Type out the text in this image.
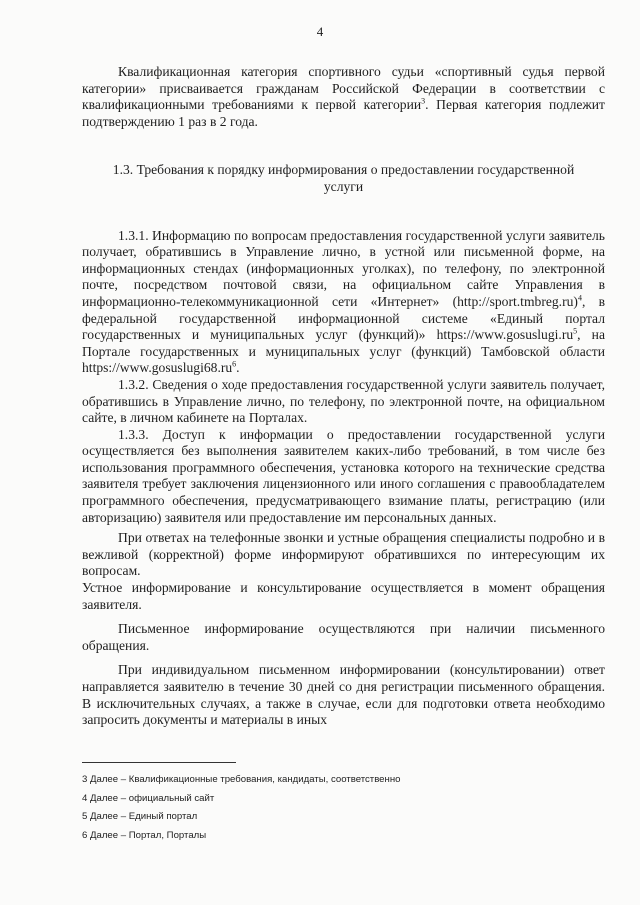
4

Квалификационная категория спортивного судьи «спортивный судья первой категории» присваивается гражданам Российской Федерации в соответствии с квалификационными требованиями к первой категории$^3$. Первая категория подлежит подтверждению 1 раз в 2 года.

1.3. Требования к порядку информирования о предоставлении государственной услуги

1.3.1. Информацию по вопросам предоставления государственной услуги заявитель получает, обратившись в Управление лично, в устной или письменной форме, на информационных стендах (информационных уголках), по телефону, по электронной почте, посредством почтовой связи, на официальном сайте Управления в информационно-телекоммуникационной сети «Интернет» (http://sport.tmbreg.ru)$^4$, в федеральной государственной информационной системе «Единый портал государственных и муниципальных услуг (функций)» $https://www.gosuslugi.ru^5$, на Портале государственных и муниципальных услуг (функций) Тамбовской области $https://www.gosuslugi68.ru^6$.

1.3.2. Сведения о ходе предоставления государственной услуги заявитель получает, обратившись в Управление лично, по телефону, по электронной почте, на официальном сайте, в личном кабинете на Порталах.

1.3.3. Доступ к информации о предоставлении государственной услуги осуществляется без выполнения заявителем каких-либо требований, в том числе без использования программного обеспечения, установка которого на технические средства заявителя требует заключения лицензионного или иного соглашения с правообладателем программного обеспечения, предусматривающего взимание платы, регистрацию (или авторизацию) заявителя или предоставление им персональных данных.

При ответах на телефонные звонки и устные обращения специалисты подробно и в вежливой (корректной) форме информируют обратившихся по интересующим их вопросам.

Устное информирование и консультирование осуществляется в момент обращения заявителя.

Письменное информирование осуществляются при наличии письменного обращения.

При индивидуальном письменном информировании (консультировании) ответ направляется заявителю в течение 30 дней со дня регистрации письменного обращения. В исключительных случаях, а также в случае, если для подготовки ответа необходимо запросить документы и материалы в иных

3 Далее – Квалификационные требования, кандидаты, соответственно
4 Далее – официальный сайт
5 Далее – Единый портал
6 Далее – Портал, Порталы
